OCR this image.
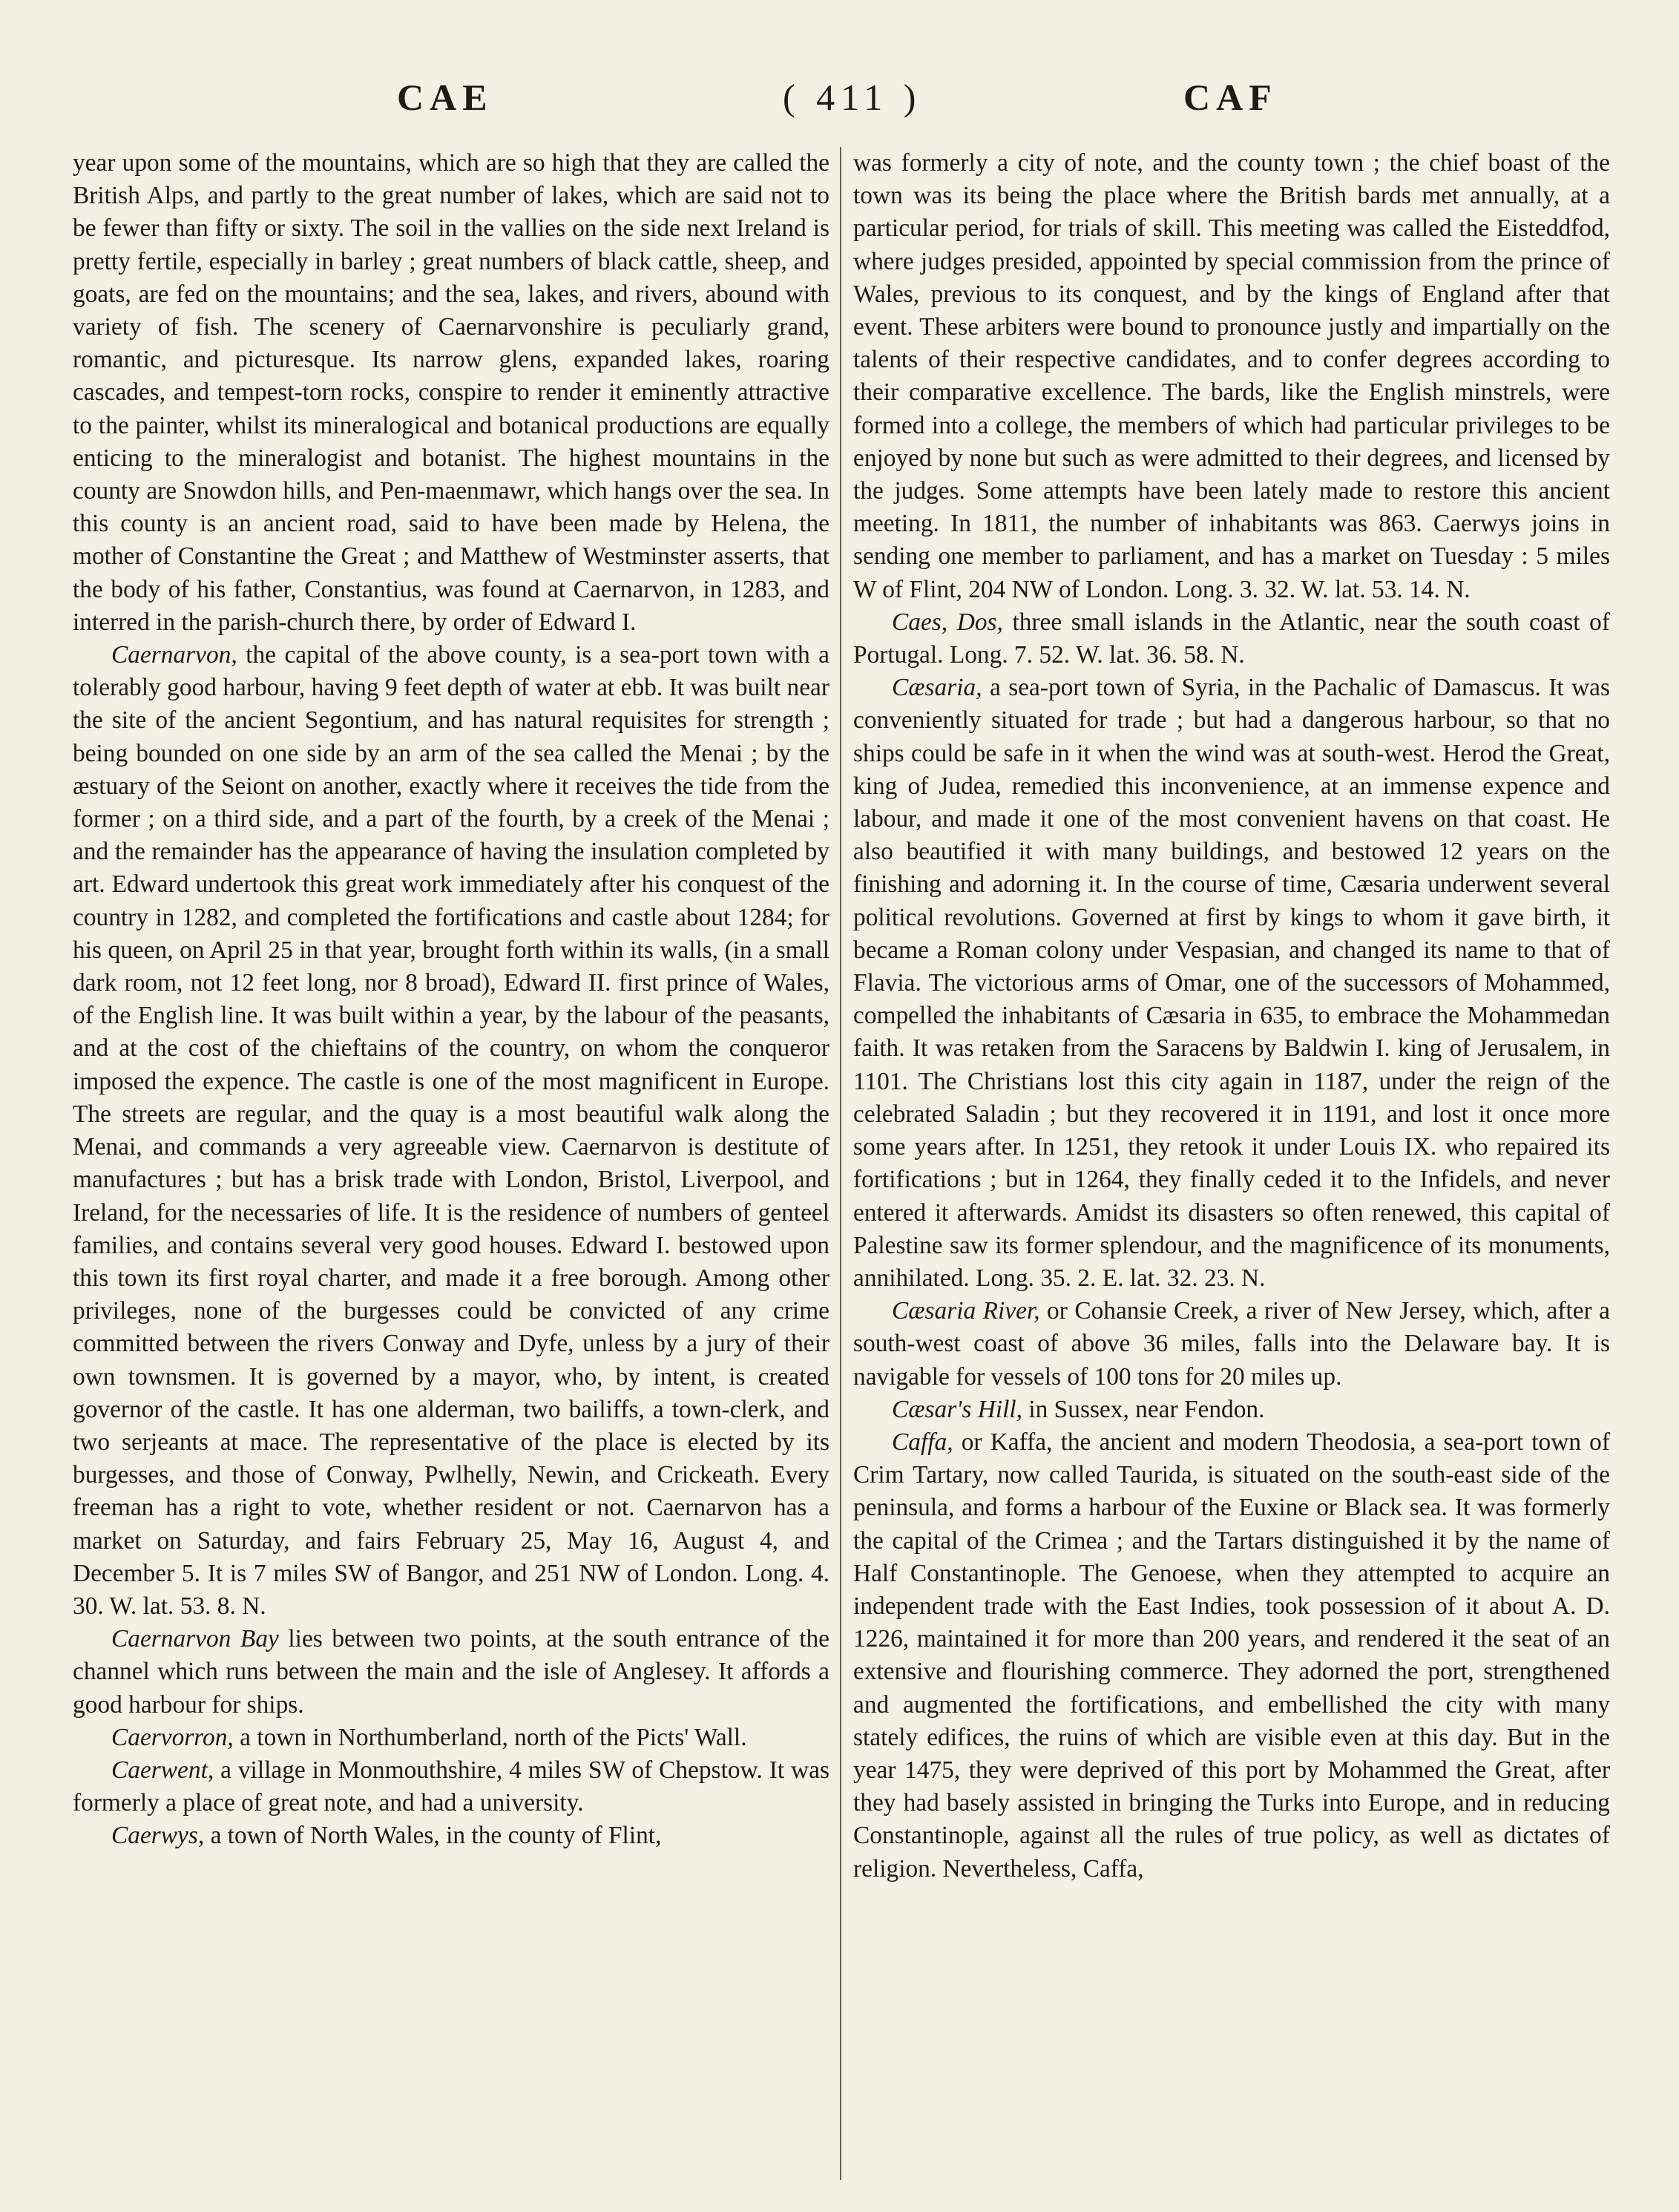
CAE	( 411 )	CAF

year upon some of the mountains, which are so high that they are called the British Alps, and partly to the great number of lakes, which are said not to be fewer than fifty or sixty. The soil in the vallies on the side next Ireland is pretty fertile, especially in barley ; great numbers of black cattle, sheep, and goats, are fed on the mountains; and the sea, lakes, and rivers, abound with variety of fish. The scenery of Caernarvonshire is peculiarly grand, romantic, and picturesque. Its narrow glens, expanded lakes, roaring cascades, and tempest-torn rocks, conspire to render it eminently attractive to the painter, whilst its mineralogical and botanical productions are equally enticing to the mineralogist and botanist. The highest mountains in the county are Snowdon hills, and Pen-maenmawr, which hangs over the sea. In this county is an ancient road, said to have been made by Helena, the mother of Constantine the Great ; and Matthew of Westminster asserts, that the body of his father, Constantius, was found at Caernarvon, in 1283, and interred in the parish-church there, by order of Edward I.

Caernarvon, the capital of the above county, is a sea-port town with a tolerably good harbour, having 9 feet depth of water at ebb. It was built near the site of the ancient Segontium, and has natural requisites for strength ; being bounded on one side by an arm of the sea called the Menai ; by the æstuary of the Seiont on another, exactly where it receives the tide from the former ; on a third side, and a part of the fourth, by a creek of the Menai ; and the remainder has the appearance of having the insulation completed by art. Edward undertook this great work immediately after his conquest of the country in 1282, and completed the fortifications and castle about 1284; for his queen, on April 25 in that year, brought forth within its walls, (in a small dark room, not 12 feet long, nor 8 broad), Edward II. first prince of Wales, of the English line. It was built within a year, by the labour of the peasants, and at the cost of the chieftains of the country, on whom the conqueror imposed the expence. The castle is one of the most magnificent in Europe. The streets are regular, and the quay is a most beautiful walk along the Menai, and commands a very agreeable view. Caernarvon is destitute of manufactures ; but has a brisk trade with London, Bristol, Liverpool, and Ireland, for the necessaries of life. It is the residence of numbers of genteel families, and contains several very good houses. Edward I. bestowed upon this town its first royal charter, and made it a free borough. Among other privileges, none of the burgesses could be convicted of any crime committed between the rivers Conway and Dyfe, unless by a jury of their own townsmen. It is governed by a mayor, who, by intent, is created governor of the castle. It has one alderman, two bailiffs, a town-clerk, and two serjeants at mace. The representative of the place is elected by its burgesses, and those of Conway, Pwlhelly, Newin, and Crickeath. Every freeman has a right to vote, whether resident or not. Caernarvon has a market on Saturday, and fairs February 25, May 16, August 4, and December 5. It is 7 miles SW of Bangor, and 251 NW of London. Long. 4. 30. W. lat. 53. 8. N.

Caernarvon Bay lies between two points, at the south entrance of the channel which runs between the main and the isle of Anglesey. It affords a good harbour for ships.

Caervorron, a town in Northumberland, north of the Picts' Wall.

Caerwent, a village in Monmouthshire, 4 miles SW of Chepstow. It was formerly a place of great note, and had a university.

Caerwys, a town of North Wales, in the county of Flint,

was formerly a city of note, and the county town ; the chief boast of the town was its being the place where the British bards met annually, at a particular period, for trials of skill. This meeting was called the Eisteddfod, where judges presided, appointed by special commission from the prince of Wales, previous to its conquest, and by the kings of England after that event. These arbiters were bound to pronounce justly and impartially on the talents of their respective candidates, and to confer degrees according to their comparative excellence. The bards, like the English minstrels, were formed into a college, the members of which had particular privileges to be enjoyed by none but such as were admitted to their degrees, and licensed by the judges. Some attempts have been lately made to restore this ancient meeting. In 1811, the number of inhabitants was 863. Caerwys joins in sending one member to parliament, and has a market on Tuesday : 5 miles W of Flint, 204 NW of London. Long. 3. 32. W. lat. 53. 14. N.

Caes, Dos, three small islands in the Atlantic, near the south coast of Portugal. Long. 7. 52. W. lat. 36. 58. N.

Cæsaria, a sea-port town of Syria, in the Pachalic of Damascus. It was conveniently situated for trade ; but had a dangerous harbour, so that no ships could be safe in it when the wind was at south-west. Herod the Great, king of Judea, remedied this inconvenience, at an immense expence and labour, and made it one of the most convenient havens on that coast. He also beautified it with many buildings, and bestowed 12 years on the finishing and adorning it. In the course of time, Cæsaria underwent several political revolutions. Governed at first by kings to whom it gave birth, it became a Roman colony under Vespasian, and changed its name to that of Flavia. The victorious arms of Omar, one of the successors of Mohammed, compelled the inhabitants of Cæsaria in 635, to embrace the Mohammedan faith. It was retaken from the Saracens by Baldwin I. king of Jerusalem, in 1101. The Christians lost this city again in 1187, under the reign of the celebrated Saladin ; but they recovered it in 1191, and lost it once more some years after. In 1251, they retook it under Louis IX. who repaired its fortifications ; but in 1264, they finally ceded it to the Infidels, and never entered it afterwards. Amidst its disasters so often renewed, this capital of Palestine saw its former splendour, and the magnificence of its monuments, annihilated. Long. 35. 2. E. lat. 32. 23. N.

Cæsaria River, or Cohansie Creek, a river of New Jersey, which, after a south-west coast of above 36 miles, falls into the Delaware bay. It is navigable for vessels of 100 tons for 20 miles up.

Cæsar's Hill, in Sussex, near Fendon.

Caffa, or Kaffa, the ancient and modern Theodosia, a sea-port town of Crim Tartary, now called Taurida, is situated on the south-east side of the peninsula, and forms a harbour of the Euxine or Black sea. It was formerly the capital of the Crimea ; and the Tartars distinguished it by the name of Half Constantinople. The Genoese, when they attempted to acquire an independent trade with the East Indies, took possession of it about A. D. 1226, maintained it for more than 200 years, and rendered it the seat of an extensive and flourishing commerce. They adorned the port, strengthened and augmented the fortifications, and embellished the city with many stately edifices, the ruins of which are visible even at this day. But in the year 1475, they were deprived of this port by Mohammed the Great, after they had basely assisted in bringing the Turks into Europe, and in reducing Constantinople, against all the rules of true policy, as well as dictates of religion. Nevertheless, Caffa,
